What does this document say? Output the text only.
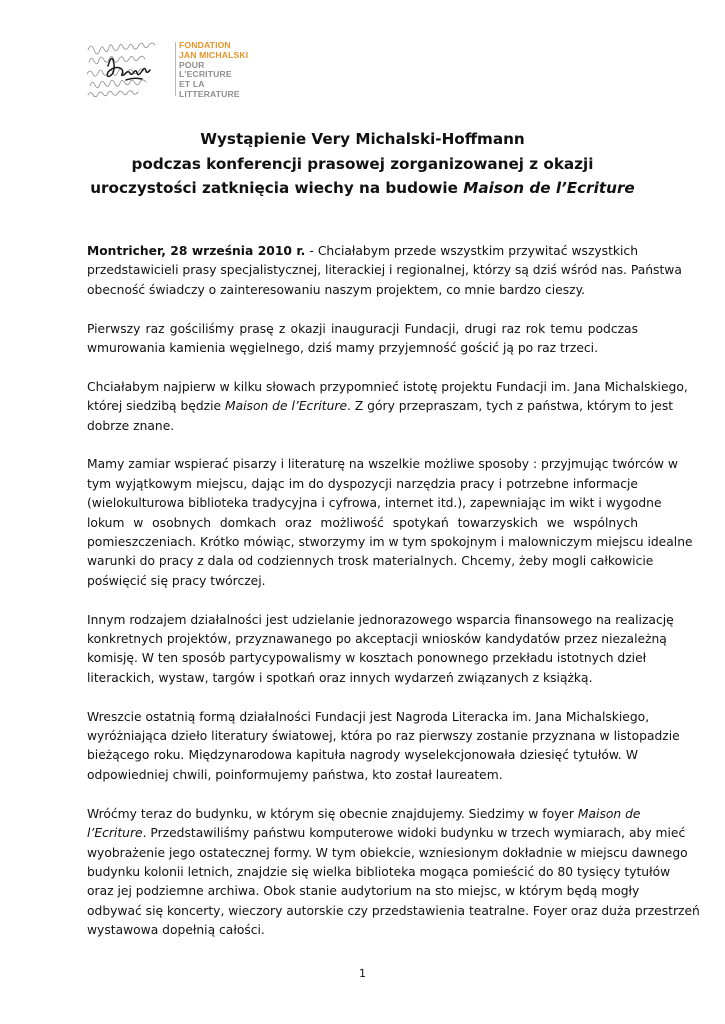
FONDATION
JAN MICHALSKI
POUR
L'ECRITURE
ET LA
LITTERATURE
Wystąpienie Very Michalski-Hoffmann
podczas konferencji prasowej zorganizowanej z okazji
uroczystości zatknięcia wiechy na budowie Maison de l’Ecriture

Montricher, 28 września 2010 r. - Chciałabym przede wszystkim przywitać wszystkich
przedstawicieli prasy specjalistycznej, literackiej i regionalnej, którzy są dziś wśród nas. Państwa
obecność świadczy o zainteresowaniu naszym projektem, co mnie bardzo cieszy.

Pierwszy raz gościliśmy prasę z okazji inauguracji Fundacji, drugi raz rok temu podczas
wmurowania kamienia węgielnego, dziś mamy przyjemność gościć ją po raz trzeci.

Chciałabym najpierw w kilku słowach przypomnieć istotę projektu Fundacji im. Jana Michalskiego,
której siedzibą będzie Maison de l’Ecriture. Z góry przepraszam, tych z państwa, którym to jest
dobrze znane.

Mamy zamiar wspierać pisarzy i literaturę na wszelkie możliwe sposoby : przyjmując twórców w
tym wyjątkowym miejscu, dając im do dyspozycji narzędzia pracy i potrzebne informacje
(wielokulturowa biblioteka tradycyjna i cyfrowa, internet itd.), zapewniając im wikt i wygodne
lokum w osobnych domkach oraz możliwość spotykań towarzyskich we wspólnych
pomieszczeniach. Krótko mówiąc, stworzymy im w tym spokojnym i malowniczym miejscu idealne
warunki do pracy z dala od codziennych trosk materialnych. Chcemy, żeby mogli całkowicie
poświęcić się pracy twórczej.

Innym rodzajem działalności jest udzielanie jednorazowego wsparcia finansowego na realizację
konkretnych projektów, przyznawanego po akceptacji wniosków kandydatów przez niezależną
komisję. W ten sposób partycypowalismy w kosztach ponownego przekładu istotnych dzieł
literackich, wystaw, targów i spotkań oraz innych wydarzeń związanych z książką.

Wreszcie ostatnią formą działalności Fundacji jest Nagroda Literacka im. Jana Michalskiego,
wyróżniająca dzieło literatury światowej, która po raz pierwszy zostanie przyznana w listopadzie
bieżącego roku. Międzynarodowa kapituła nagrody wyselekcjonowała dziesięć tytułów. W
odpowiedniej chwili, poinformujemy państwa, kto został laureatem.

Wróćmy teraz do budynku, w którym się obecnie znajdujemy. Siedzimy w foyer Maison de
l’Ecriture. Przedstawiliśmy państwu komputerowe widoki budynku w trzech wymiarach, aby mieć
wyobrażenie jego ostatecznej formy. W tym obiekcie, wzniesionym dokładnie w miejscu dawnego
budynku kolonii letnich, znajdzie się wielka biblioteka mogąca pomieścić do 80 tysięcy tytułów
oraz jej podziemne archiwa. Obok stanie audytorium na sto miejsc, w którym będą mogły
odbywać się koncerty, wieczory autorskie czy przedstawienia teatralne. Foyer oraz duża przestrzeń
wystawowa dopełnią całości.

1
